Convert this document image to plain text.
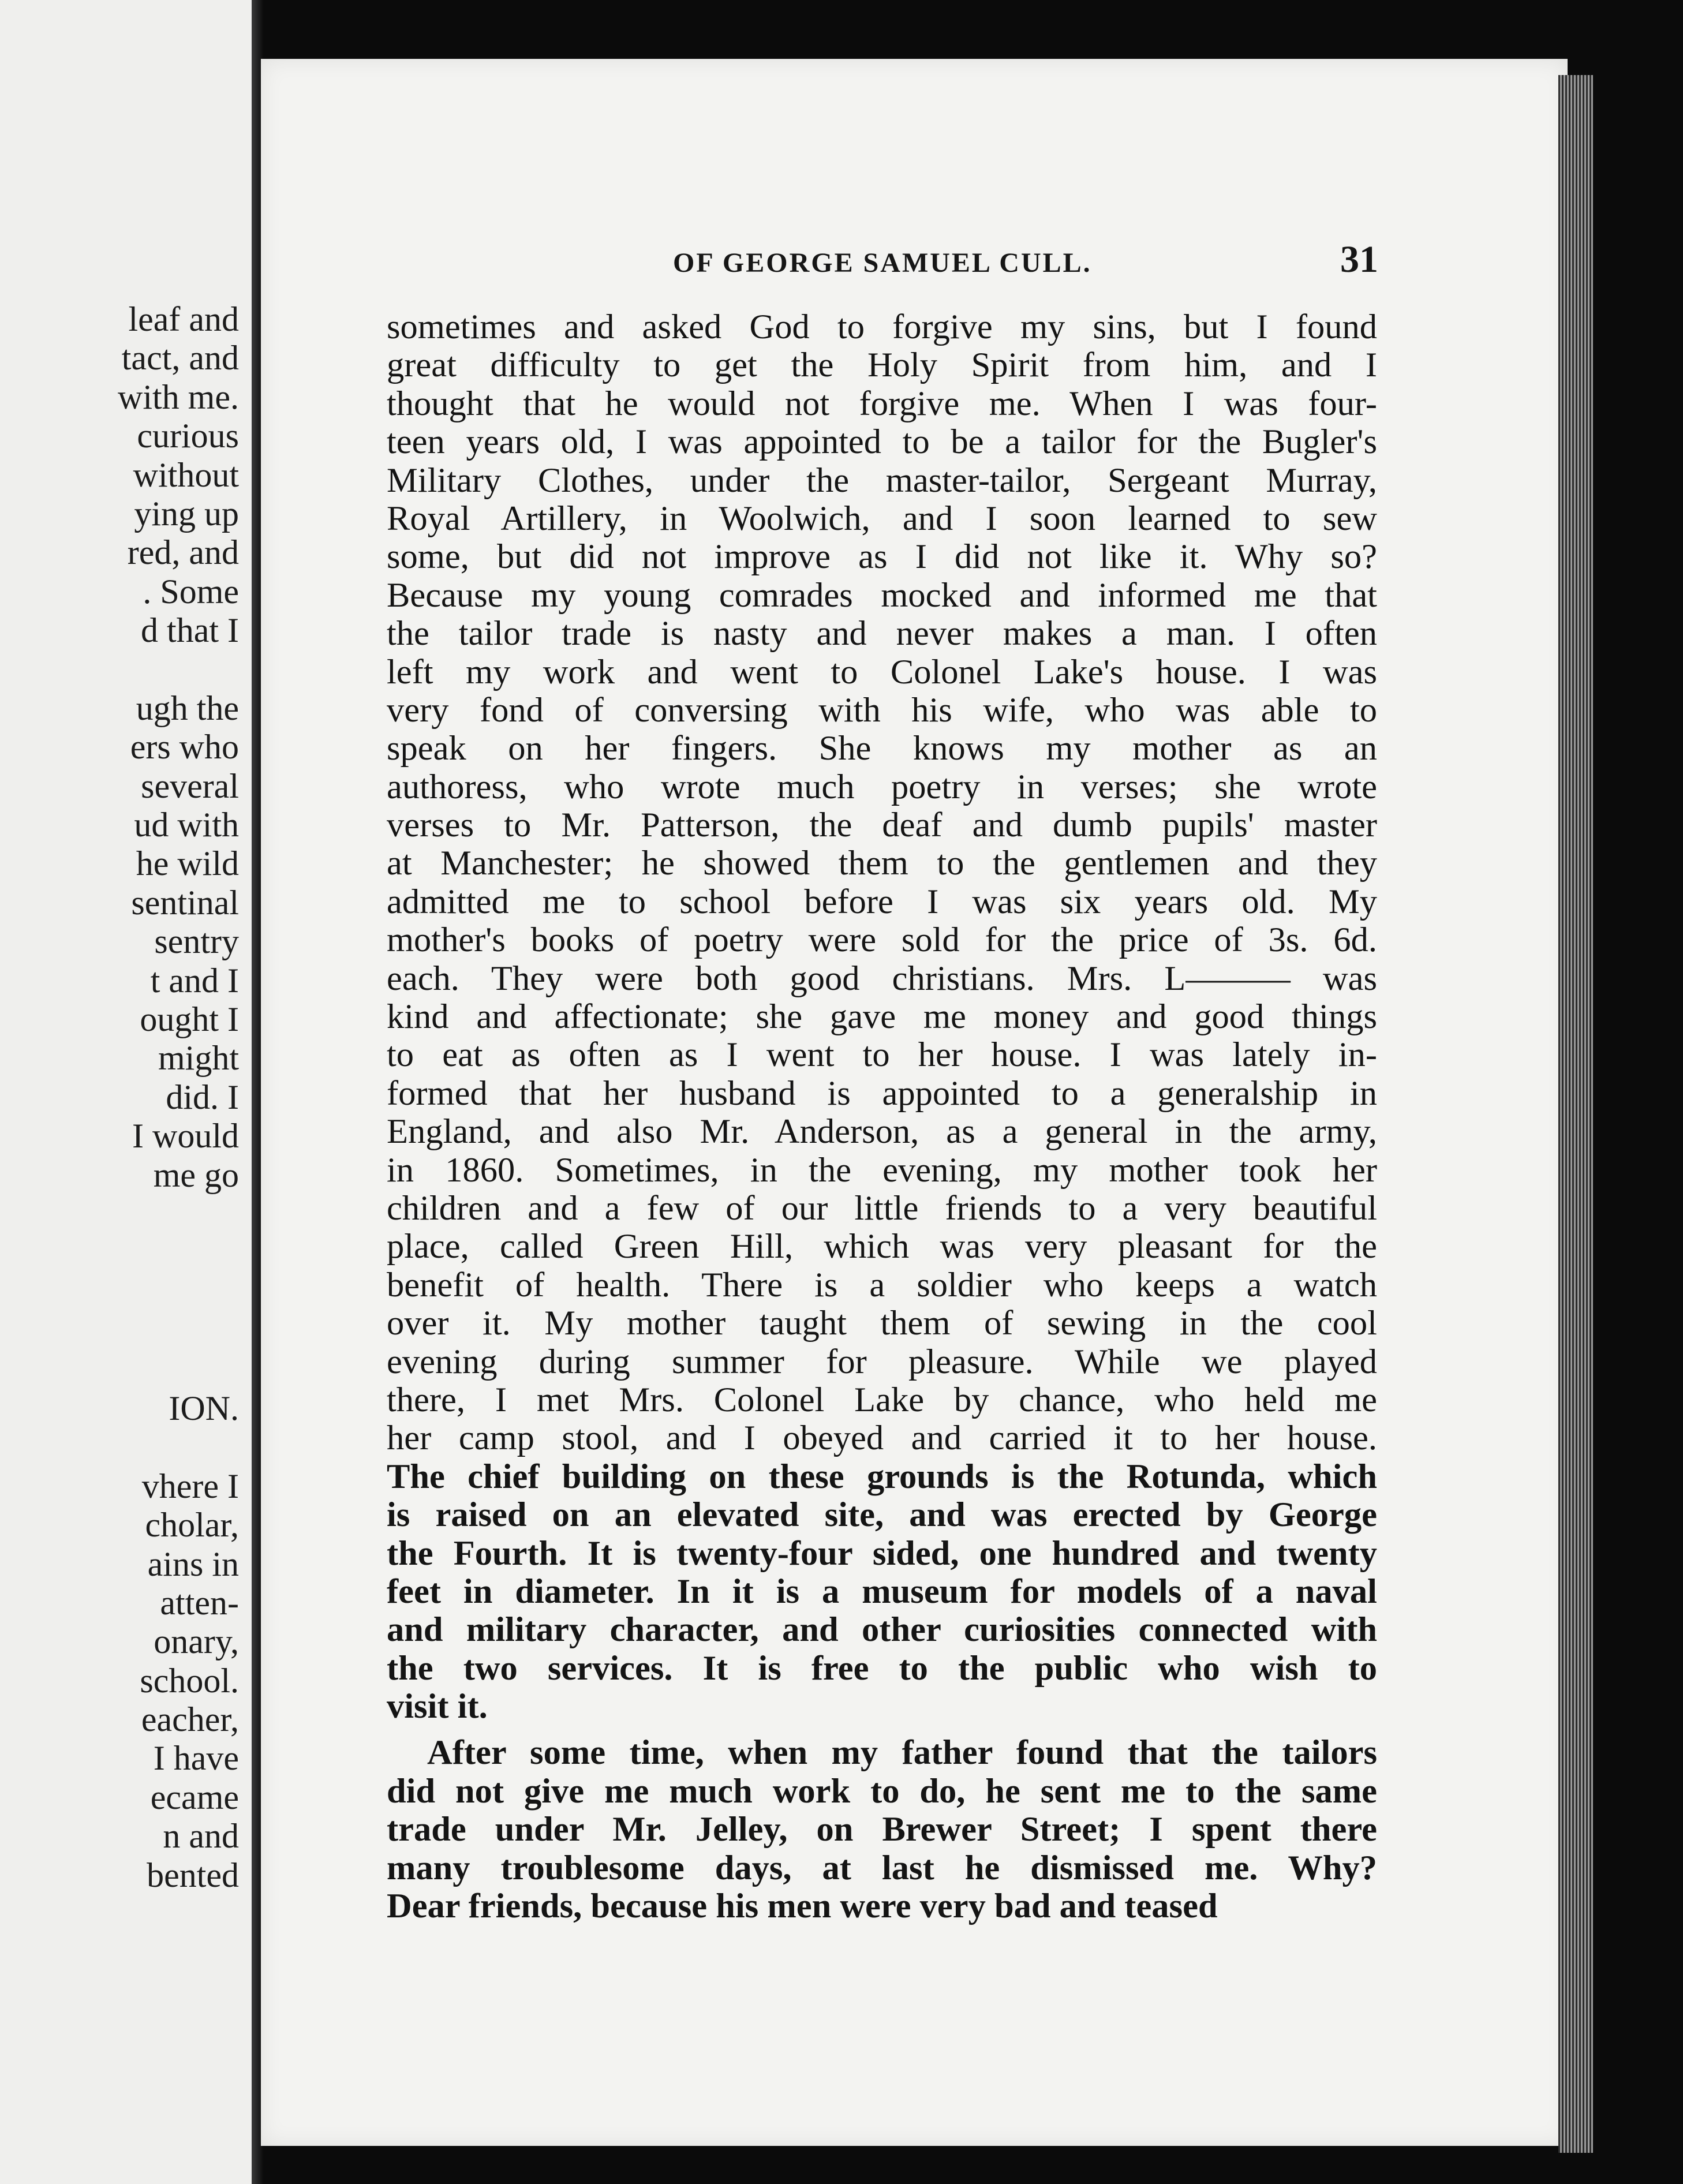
leaf and
tact, and
with me.
curious
without
ying up
red, and
. Some
d that I
ugh the
ers who
several
ud with
he wild
sentinal
sentry
t and I
ought I
might
did. I
I would
me go
ION.
vhere I
cholar,
ains in
atten-
onary,
school.
eacher,
I have
ecame
n and
bented
OF GEORGE SAMUEL CULL.	31
sometimes and asked God to forgive my sins, but I found
great difficulty to get the Holy Spirit from him, and I
thought that he would not forgive me. When I was four-
teen years old, I was appointed to be a tailor for the Bugler's
Military Clothes, under the master-tailor, Sergeant Murray,
Royal Artillery, in Woolwich, and I soon learned to sew
some, but did not improve as I did not like it. Why so?
Because my young comrades mocked and informed me that
the tailor trade is nasty and never makes a man. I often
left my work and went to Colonel Lake's house. I was
very fond of conversing with his wife, who was able to
speak on her fingers. She knows my mother as an
authoress, who wrote much poetry in verses; she wrote
verses to Mr. Patterson, the deaf and dumb pupils' master
at Manchester; he showed them to the gentlemen and they
admitted me to school before I was six years old. My
mother's books of poetry were sold for the price of 3s. 6d.
each. They were both good christians. Mrs. L——— was
kind and affectionate; she gave me money and good things
to eat as often as I went to her house. I was lately in-
formed that her husband is appointed to a generalship in
England, and also Mr. Anderson, as a general in the army,
in 1860. Sometimes, in the evening, my mother took her
children and a few of our little friends to a very beautiful
place, called Green Hill, which was very pleasant for the
benefit of health. There is a soldier who keeps a watch
over it. My mother taught them of sewing in the cool
evening during summer for pleasure. While we played
there, I met Mrs. Colonel Lake by chance, who held me
her camp stool, and I obeyed and carried it to her house.
The chief building on these grounds is the Rotunda, which
is raised on an elevated site, and was erected by George
the Fourth. It is twenty-four sided, one hundred and twenty
feet in diameter. In it is a museum for models of a naval
and military character, and other curiosities connected with
the two services. It is free to the public who wish to
visit it.
After some time, when my father found that the tailors
did not give me much work to do, he sent me to the same
trade under Mr. Jelley, on Brewer Street; I spent there
many troublesome days, at last he dismissed me. Why?
Dear friends, because his men were very bad and teased
